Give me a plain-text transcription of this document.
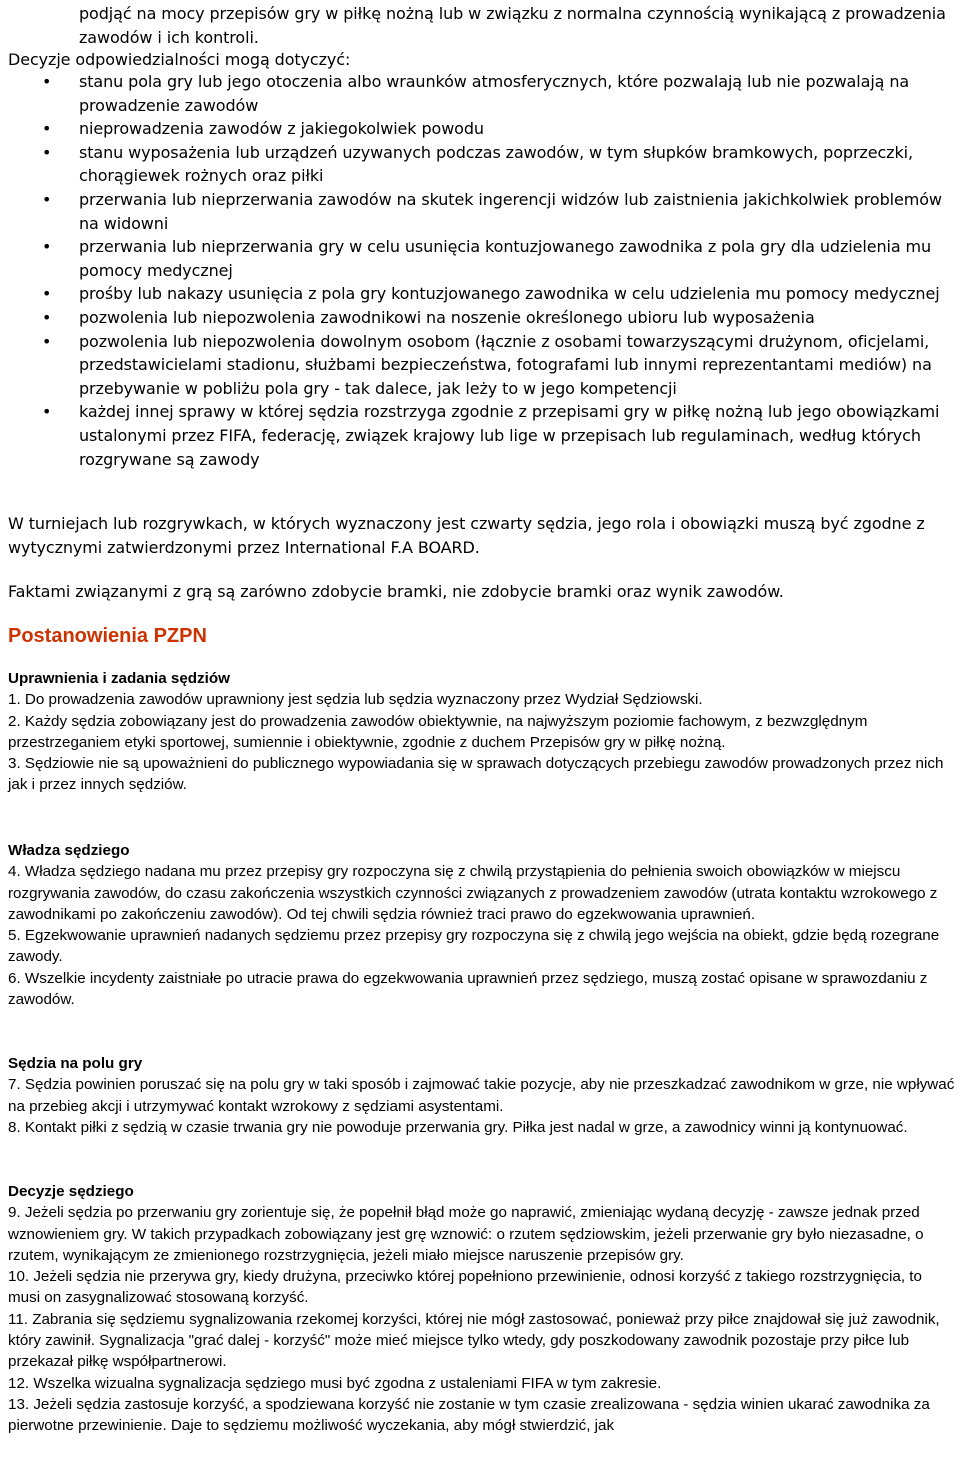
podjąć na mocy przepisów gry w piłkę nożną lub w związku z normalna czynnością wynikającą z prowadzenia zawodów i ich kontroli.

Decyzje odpowiedzialności mogą dotyczyć:

• stanu pola gry lub jego otoczenia albo wraunków atmosferycznych, które pozwalają lub nie pozwalają na prowadzenie zawodów
• nieprowadzenia zawodów z jakiegokolwiek powodu
• stanu wyposażenia lub urządzeń uzywanych podczas zawodów, w tym słupków bramkowych, poprzeczki, chorągiewek rożnych oraz piłki
• przerwania lub nieprzerwania zawodów na skutek ingerencji widzów lub zaistnienia jakichkolwiek problemów na widowni
• przerwania lub nieprzerwania gry w celu usunięcia kontuzjowanego zawodnika z pola gry dla udzielenia mu pomocy medycznej
• prośby lub nakazy usunięcia z pola gry kontuzjowanego zawodnika w celu udzielenia mu pomocy medycznej
• pozwolenia lub niepozwolenia zawodnikowi na noszenie określonego ubioru lub wyposażenia
• pozwolenia lub niepozwolenia dowolnym osobom (łącznie z osobami towarzyszącymi drużynom, oficjelami, przedstawicielami stadionu, służbami bezpieczeństwa, fotografami lub innymi reprezentantami mediów) na przebywanie w pobliżu pola gry - tak dalece, jak leży to w jego kompetencji
• każdej innej sprawy w której sędzia rozstrzyga zgodnie z przepisami gry w piłkę nożną lub jego obowiązkami ustalonymi przez FIFA, federację, związek krajowy lub lige w przepisach lub regulaminach, według których rozgrywane są zawody

W turniejach lub rozgrywkach, w których wyznaczony jest czwarty sędzia, jego rola i obowiązki muszą być zgodne z wytycznymi zatwierdzonymi przez International F.A BOARD.

Faktami związanymi z grą są zarówno zdobycie bramki, nie zdobycie bramki oraz wynik zawodów.

Postanowienia PZPN
Uprawnienia i zadania sędziów

1. Do prowadzenia zawodów uprawniony jest sędzia lub sędzia wyznaczony przez Wydział Sędziowski.

2. Każdy sędzia zobowiązany jest do prowadzenia zawodów obiektywnie, na najwyższym poziomie fachowym, z bezwzględnym przestrzeganiem etyki sportowej, sumiennie i obiektywnie, zgodnie z duchem Przepisów gry w piłkę nożną.

3. Sędziowie nie są upoważnieni do publicznego wypowiadania się w sprawach dotyczących przebiegu zawodów prowadzonych przez nich jak i przez innych sędziów.

Władza sędziego

4. Władza sędziego nadana mu przez przepisy gry rozpoczyna się z chwilą przystąpienia do pełnienia swoich obowiązków w miejscu rozgrywania zawodów, do czasu zakończenia wszystkich czynności związanych z prowadzeniem zawodów (utrata kontaktu wzrokowego z zawodnikami po zakończeniu zawodów). Od tej chwili sędzia również traci prawo do egzekwowania uprawnień.

5. Egzekwowanie uprawnień nadanych sędziemu przez przepisy gry rozpoczyna się z chwilą jego wejścia na obiekt, gdzie będą rozegrane zawody.

6. Wszelkie incydenty zaistniałe po utracie prawa do egzekwowania uprawnień przez sędziego, muszą zostać opisane w sprawozdaniu z zawodów.

Sędzia na polu gry

7. Sędzia powinien poruszać się na polu gry w taki sposób i zajmować takie pozycje, aby nie przeszkadzać zawodnikom w grze, nie wpływać na przebieg akcji i utrzymywać kontakt wzrokowy z sędziami asystentami.

8. Kontakt piłki z sędzią w czasie trwania gry nie powoduje przerwania gry. Piłka jest nadal w grze, a zawodnicy winni ją kontynuować.

Decyzje sędziego

9. Jeżeli sędzia po przerwaniu gry zorientuje się, że popełnił błąd może go naprawić, zmieniając wydaną decyzję - zawsze jednak przed wznowieniem gry. W takich przypadkach zobowiązany jest grę wznowić: o rzutem sędziowskim, jeżeli przerwanie gry było niezasadne, o rzutem, wynikającym ze zmienionego rozstrzygnięcia, jeżeli miało miejsce naruszenie przepisów gry.

10. Jeżeli sędzia nie przerywa gry, kiedy drużyna, przeciwko której popełniono przewinienie, odnosi korzyść z takiego rozstrzygnięcia, to musi on zasygnalizować stosowaną korzyść.

11. Zabrania się sędziemu sygnalizowania rzekomej korzyści, której nie mógł zastosować, ponieważ przy piłce znajdował się już zawodnik, który zawinił. Sygnalizacja "grać dalej - korzyść" może mieć miejsce tylko wtedy, gdy poszkodowany zawodnik pozostaje przy piłce lub przekazał piłkę współpartnerowi.

12. Wszelka wizualna sygnalizacja sędziego musi być zgodna z ustaleniami FIFA w tym zakresie.

13. Jeżeli sędzia zastosuje korzyść, a spodziewana korzyść nie zostanie w tym czasie zrealizowana - sędzia winien ukarać zawodnika za pierwotne przewinienie. Daje to sędziemu możliwość wyczekania, aby mógł stwierdzić, jak
